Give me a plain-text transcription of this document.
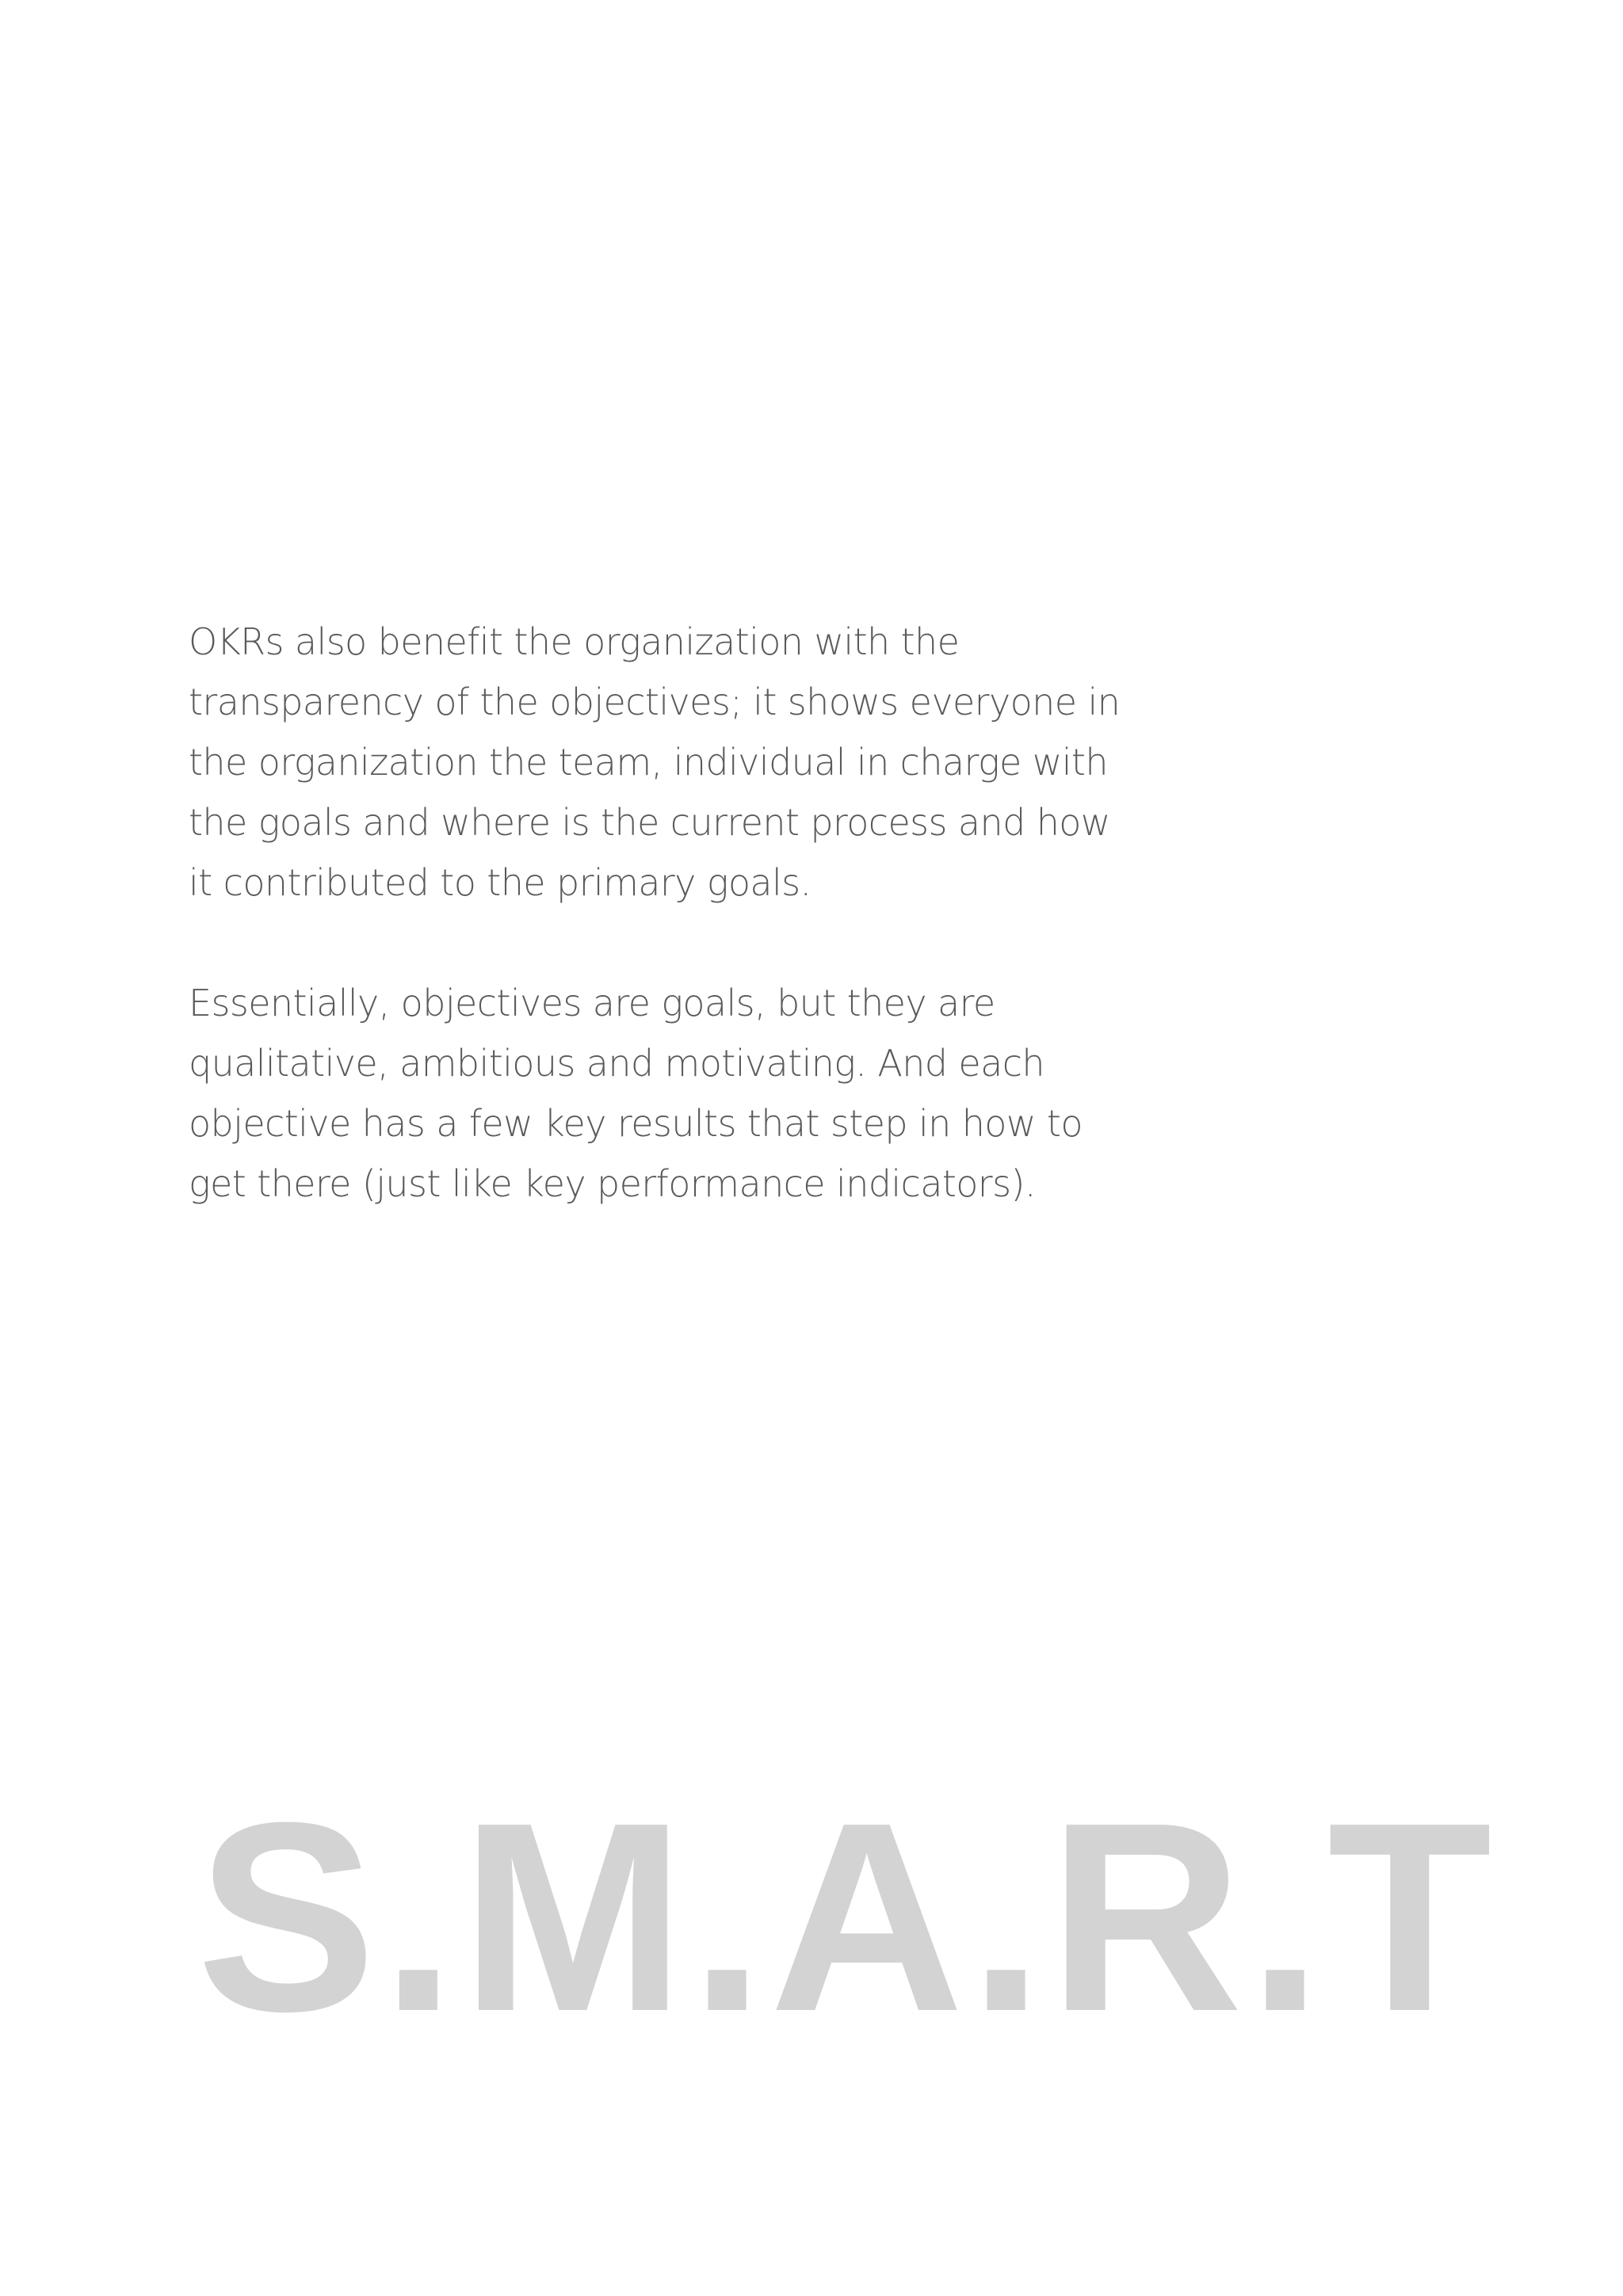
OKRs also benefit the organization with the
transparency of the objectives; it shows everyone in
the organization the team, individual in charge with
the goals and where is the current process and how
it contributed to the primary goals.

Essentially, objectives are goals, but they are
qualitative, ambitious and motivating. And each
objective has a few key results that step in how to
get there (just like key performance indicators).

S.M.A.R.T
